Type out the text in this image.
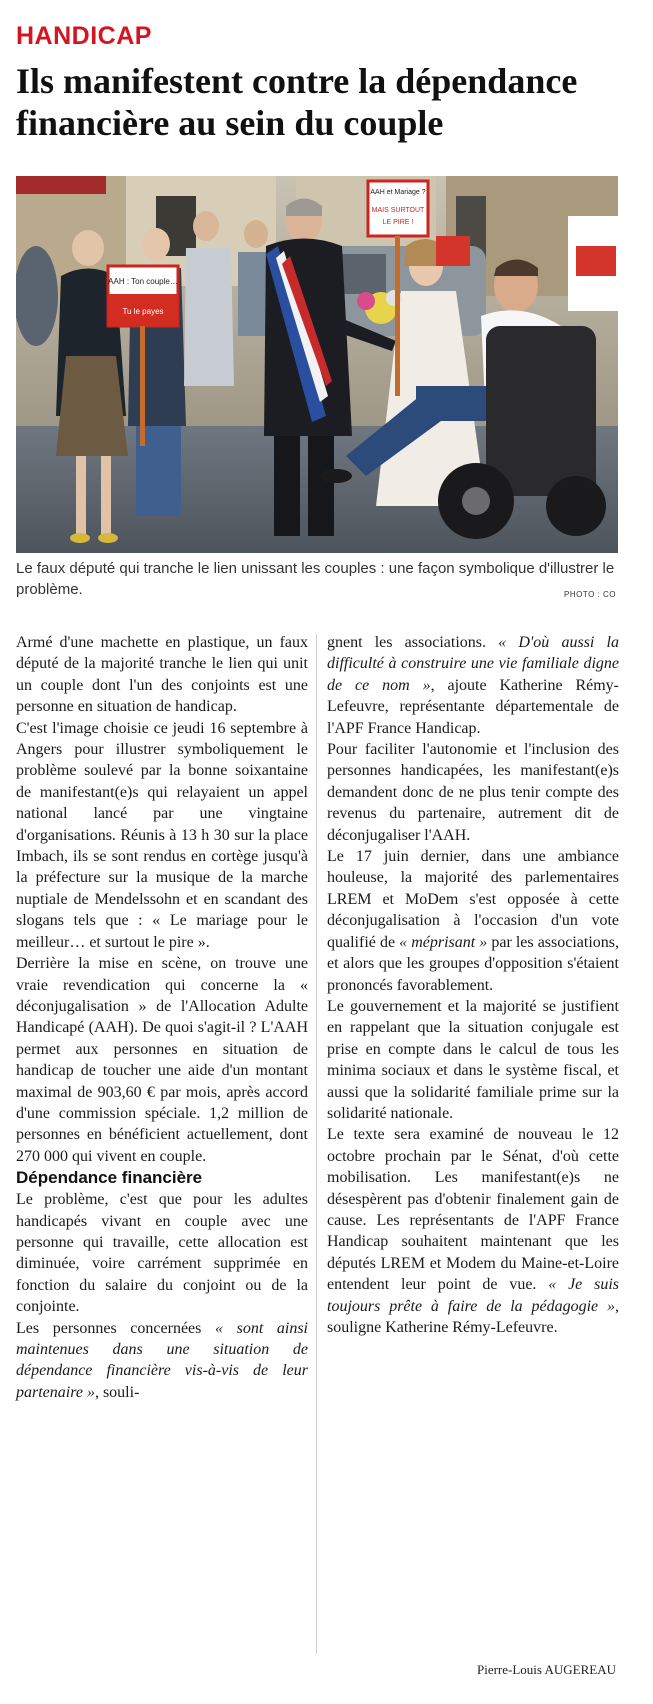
HANDICAP
Ils manifestent contre la dépendance financière au sein du couple
AAH : Ton couple…
Tu le payes
AAH et Mariage ?
MAIS SURTOUT
LE PIRE !
Le faux député qui tranche le lien unissant les couples : une façon symbolique d'illustrer le problème.	PHOTO : CO

Armé d'une machette en plastique, un faux député de la majorité tranche le lien qui unit un couple dont l'un des conjoints est une personne en situation de handicap.

C'est l'image choisie ce jeudi 16 septembre à Angers pour illustrer symboliquement le problème soulevé par la bonne soixantaine de manifestant(e)s qui relayaient un appel national lancé par une vingtaine d'organisations. Réunis à 13 h 30 sur la place Imbach, ils se sont rendus en cortège jusqu'à la préfecture sur la musique de la marche nuptiale de Mendelssohn et en scandant des slogans tels que : « Le mariage pour le meilleur… et surtout le pire ».

Derrière la mise en scène, on trouve une vraie revendication qui concerne la « déconjugalisation » de l'Allocation Adulte Handicapé (AAH). De quoi s'agit-il ? L'AAH permet aux personnes en situation de handicap de toucher une aide d'un montant maximal de 903,60 € par mois, après accord d'une commission spéciale. 1,2 million de personnes en bénéficient actuellement, dont 270 000 qui vivent en couple.

Dépendance financière

Le problème, c'est que pour les adultes handicapés vivant en couple avec une personne qui travaille, cette allocation est diminuée, voire carrément supprimée en fonction du salaire du conjoint ou de la conjointe.

Les personnes concernées « sont ainsi maintenues dans une situation de dépendance financière vis-à-vis de leur partenaire », souli-

gnent les associations. « D'où aussi la difficulté à construire une vie familiale digne de ce nom », ajoute Katherine Rémy-Lefeuvre, représentante départementale de l'APF France Handicap.

Pour faciliter l'autonomie et l'inclusion des personnes handicapées, les manifestant(e)s demandent donc de ne plus tenir compte des revenus du partenaire, autrement dit de déconjugaliser l'AAH.

Le 17 juin dernier, dans une ambiance houleuse, la majorité des parlementaires LREM et MoDem s'est opposée à cette déconjugalisation à l'occasion d'un vote qualifié de « méprisant » par les associations, et alors que les groupes d'opposition s'étaient prononcés favorablement.

Le gouvernement et la majorité se justifient en rappelant que la situation conjugale est prise en compte dans le calcul de tous les minima sociaux et dans le système fiscal, et aussi que la solidarité familiale prime sur la solidarité nationale.

Le texte sera examiné de nouveau le 12 octobre prochain par le Sénat, d'où cette mobilisation. Les manifestant(e)s ne désespèrent pas d'obtenir finalement gain de cause. Les représentants de l'APF France Handicap souhaitent maintenant que les députés LREM et Modem du Maine-et-Loire entendent leur point de vue. « Je suis toujours prête à faire de la pédagogie », souligne Katherine Rémy-Lefeuvre.

Pierre-Louis AUGEREAU
